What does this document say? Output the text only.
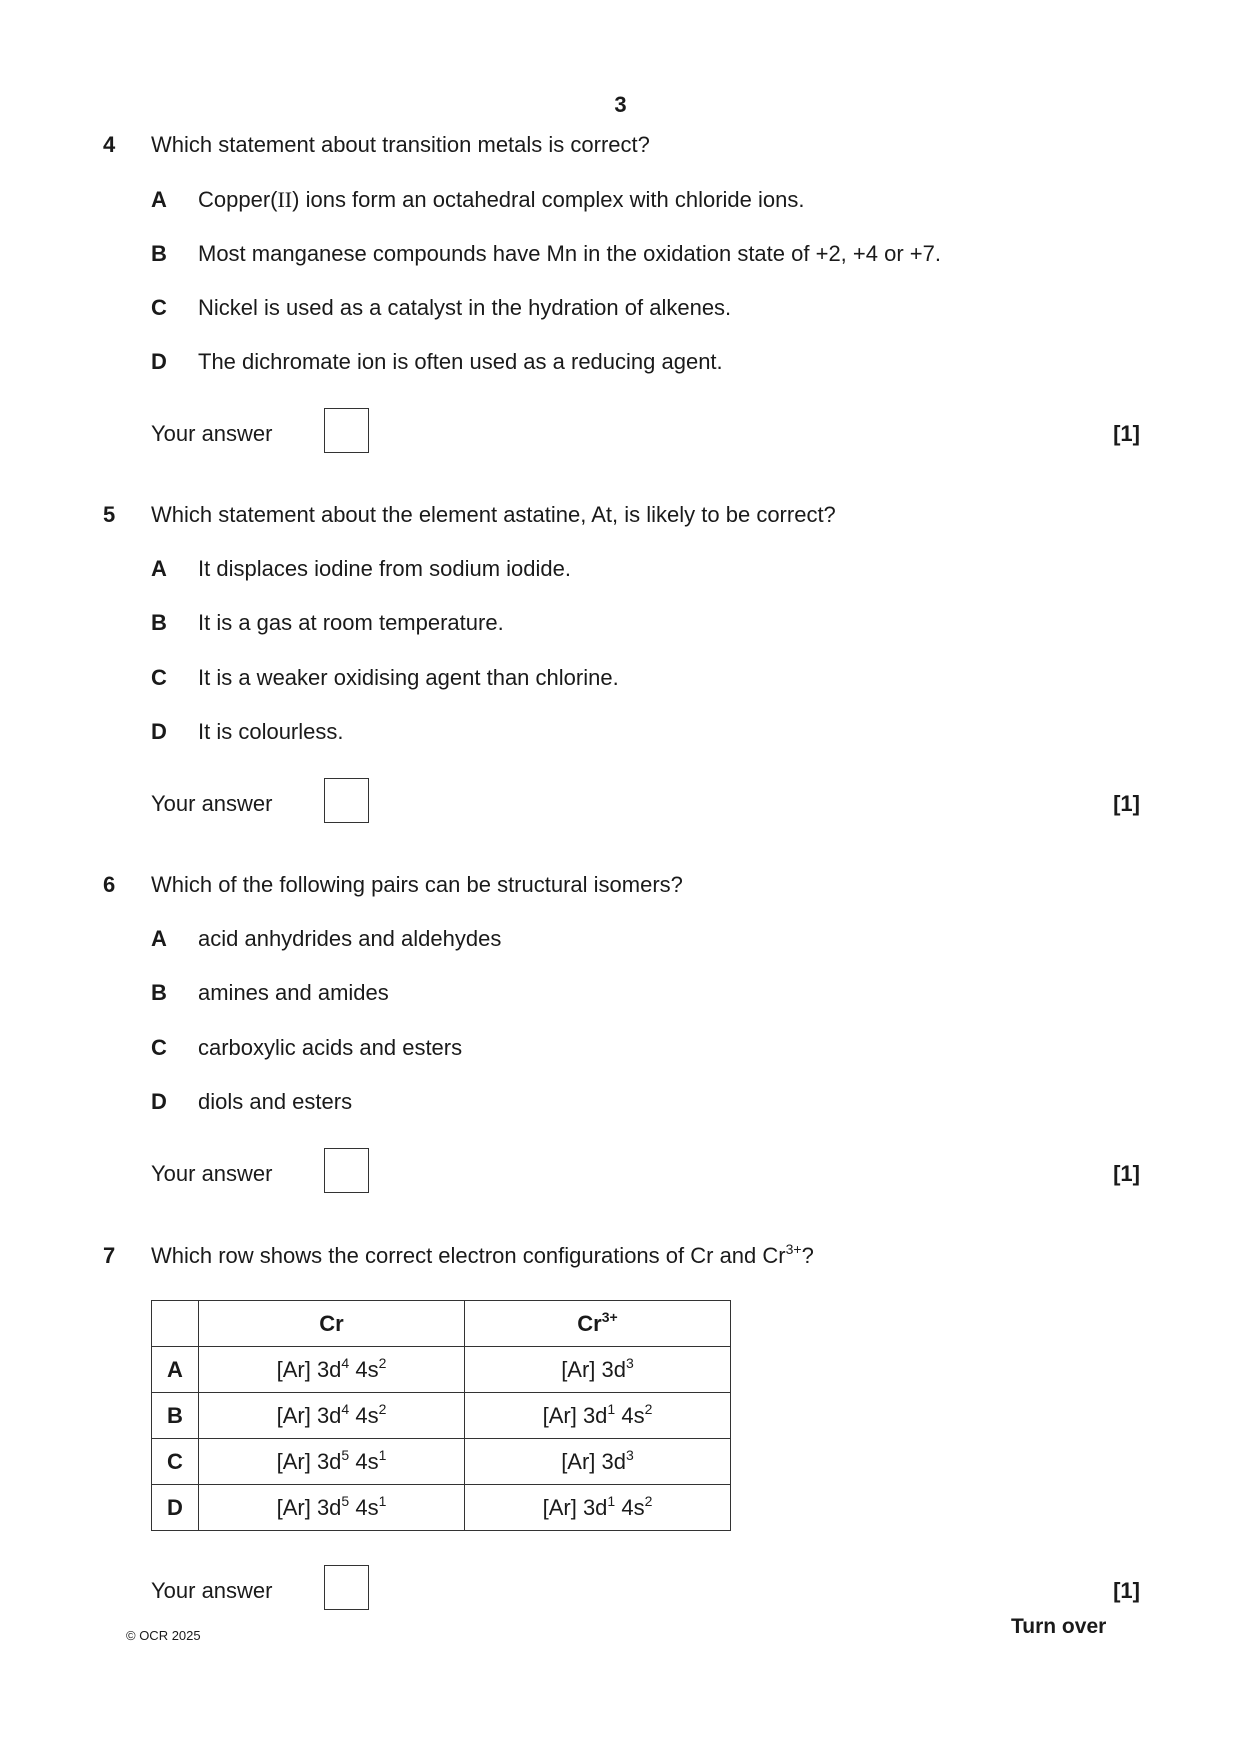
3
4 Which statement about transition metals is correct?
A Copper(II) ions form an octahedral complex with chloride ions.
B Most manganese compounds have Mn in the oxidation state of +2, +4 or +7.
C Nickel is used as a catalyst in the hydration of alkenes.
D The dichromate ion is often used as a reducing agent.
Your answer	[1]
5 Which statement about the element astatine, At, is likely to be correct?
A It displaces iodine from sodium iodide.
B It is a gas at room temperature.
C It is a weaker oxidising agent than chlorine.
D It is colourless.
Your answer	[1]
6 Which of the following pairs can be structural isomers?
A acid anhydrides and aldehydes
B amines and amides
C carboxylic acids and esters
D diols and esters
Your answer	[1]
7 Which row shows the correct electron configurations of Cr and $Cr^{3+}$?
	Cr	$Cr^{3+}$
A	[Ar] $3d^4$ $4s^2$	[Ar] $3d^3$
B	[Ar] $3d^4$ $4s^2$	[Ar] $3d^1$ $4s^2$
C	[Ar] $3d^5$ $4s^1$	[Ar] $3d^3$
D	[Ar] $3d^5$ $4s^1$	[Ar] $3d^1$ $4s^2$
Your answer	[1]
© OCR 2025	Turn over
